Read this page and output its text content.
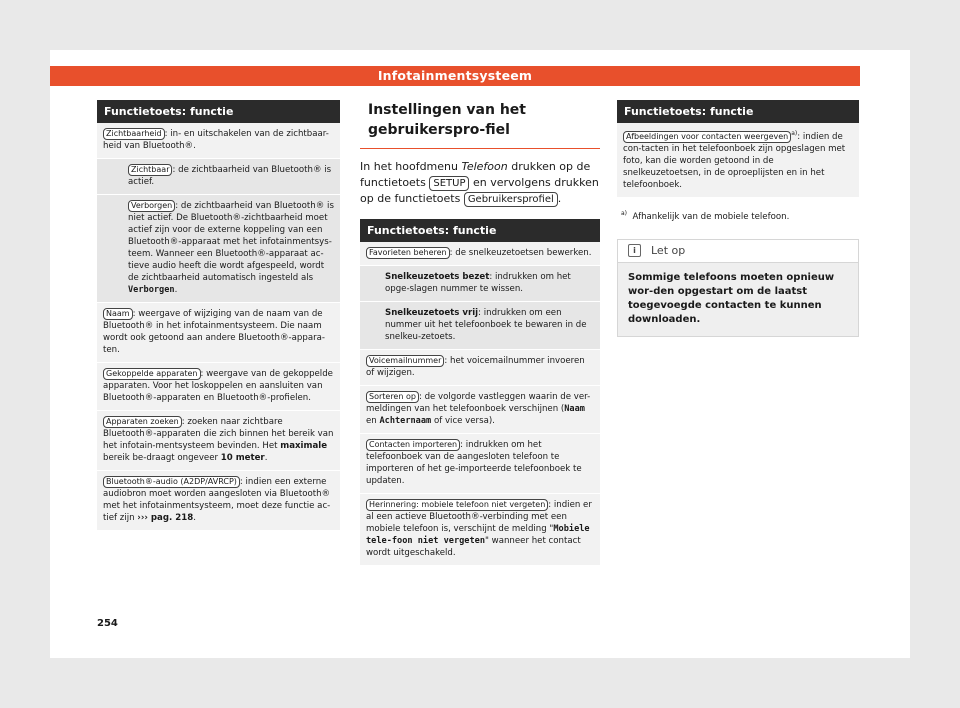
Infotainmentsysteem
Functietoets: functie
Zichtbaarheid : in- en uitschakelen van de zichtbaar-heid van Bluetooth®.
Zichtbaar : de zichtbaarheid van Bluetooth® is actief.
Verborgen : de zichtbaarheid van Bluetooth® is niet actief. De Bluetooth®-zichtbaarheid moet actief zijn voor de externe koppeling van een Bluetooth®-apparaat met het infotainmentsys-teem. Wanneer een Bluetooth®-apparaat ac-tieve audio heeft die wordt afgespeeld, wordt de zichtbaarheid automatisch ingesteld als Verborgen.
Naam : weergave of wijziging van de naam van de Bluetooth® in het infotainmentsysteem. Die naam wordt ook getoond aan andere Bluetooth®-appara-ten.
Gekoppelde apparaten : weergave van de gekoppelde apparaten. Voor het loskoppelen en aansluiten van Bluetooth®-apparaten en Bluetooth®-profielen.
Apparaten zoeken : zoeken naar zichtbare Bluetooth®-apparaten die zich binnen het bereik van het infotain-mentsysteem bevinden. Het maximale bereik be-draagt ongeveer 10 meter.
Bluetooth®-audio (A2DP/AVRCP) : indien een externe audiobron moet worden aangesloten via Bluetooth® met het infotainmentsysteem, moet deze functie ac-tief zijn ››› pag. 218.
Instellingen van het gebruikerspro-fiel
In het hoofdmenu Telefoon drukken op de functietoets SETUP en vervolgens drukken op de functietoets Gebruikersprofiel .
Functietoets: functie
Favorieten beheren : de snelkeuzetoetsen bewerken.
Snelkeuzetoets bezet: indrukken om het opge-slagen nummer te wissen.
Snelkeuzetoets vrij: indrukken om een nummer uit het telefoonboek te bewaren in de snelkeu-zetoets.
Voicemailnummer : het voicemailnummer invoeren of wijzigen.
Sorteren op : de volgorde vastleggen waarin de ver-meldingen van het telefoonboek verschijnen (Naam en Achternaam of vice versa).
Contacten importeren : indrukken om het telefoonboek van de aangesloten telefoon te importeren of het ge-importeerde telefoonboek te updaten.
Herinnering: mobiele telefoon niet vergeten : indien er al een actieve Bluetooth®-verbinding met een mobiele telefoon is, verschijnt de melding "Mobiele tele-foon niet vergeten" wanneer het contact wordt uitgeschakeld.
Functietoets: functie
Afbeeldingen voor contacten weergeven $^{a)}$: indien de con-tacten in het telefoonboek zijn opgeslagen met foto, kan die worden getoond in de snelkeuzetoetsen, in de oproeplijsten en in het telefoonboek.
$^{a)}$ Afhankelijk van de mobiele telefoon.
i Let op
Sommige telefoons moeten opnieuw wor-den opgestart om de laatst toegevoegde contacten te kunnen downloaden.
254
